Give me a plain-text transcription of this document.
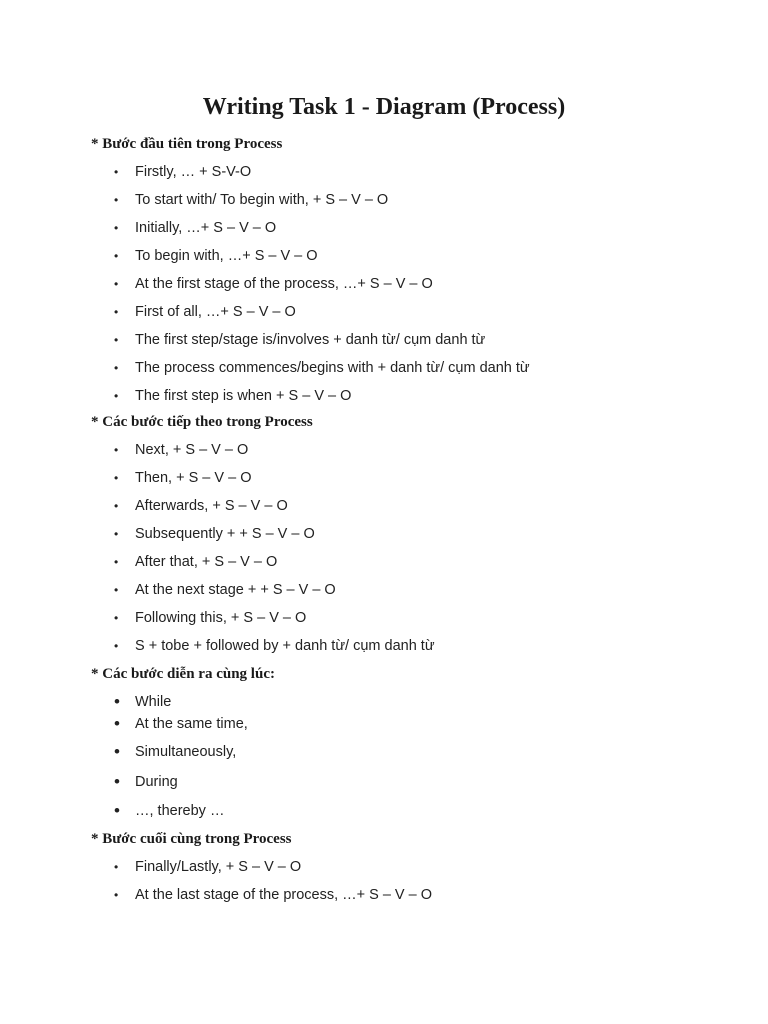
Writing Task 1 - Diagram (Process)
* Bước đầu tiên trong Process
• Firstly, … + S-V-O
• To start with/ To begin with, + S – V – O
• Initially, …+ S – V – O
• To begin with, …+ S – V – O
• At the first stage of the process, …+ S – V – O
• First of all, …+ S – V – O
• The first step/stage is/involves + danh từ/ cụm danh từ
• The process commences/begins with + danh từ/ cụm danh từ
• The first step is when + S – V – O
* Các bước tiếp theo trong Process
• Next, + S – V – O
• Then, + S – V – O
• Afterwards, + S – V – O
• Subsequently + + S – V – O
• After that, + S – V – O
• At the next stage + + S – V – O
• Following this, + S – V – O
• S + tobe + followed by + danh từ/ cụm danh từ
* Các bước diễn ra cùng lúc:
• While
• At the same time,
• Simultaneously,
• During
• …, thereby …
* Bước cuối cùng trong Process
• Finally/Lastly, + S – V – O
• At the last stage of the process, …+ S – V – O
